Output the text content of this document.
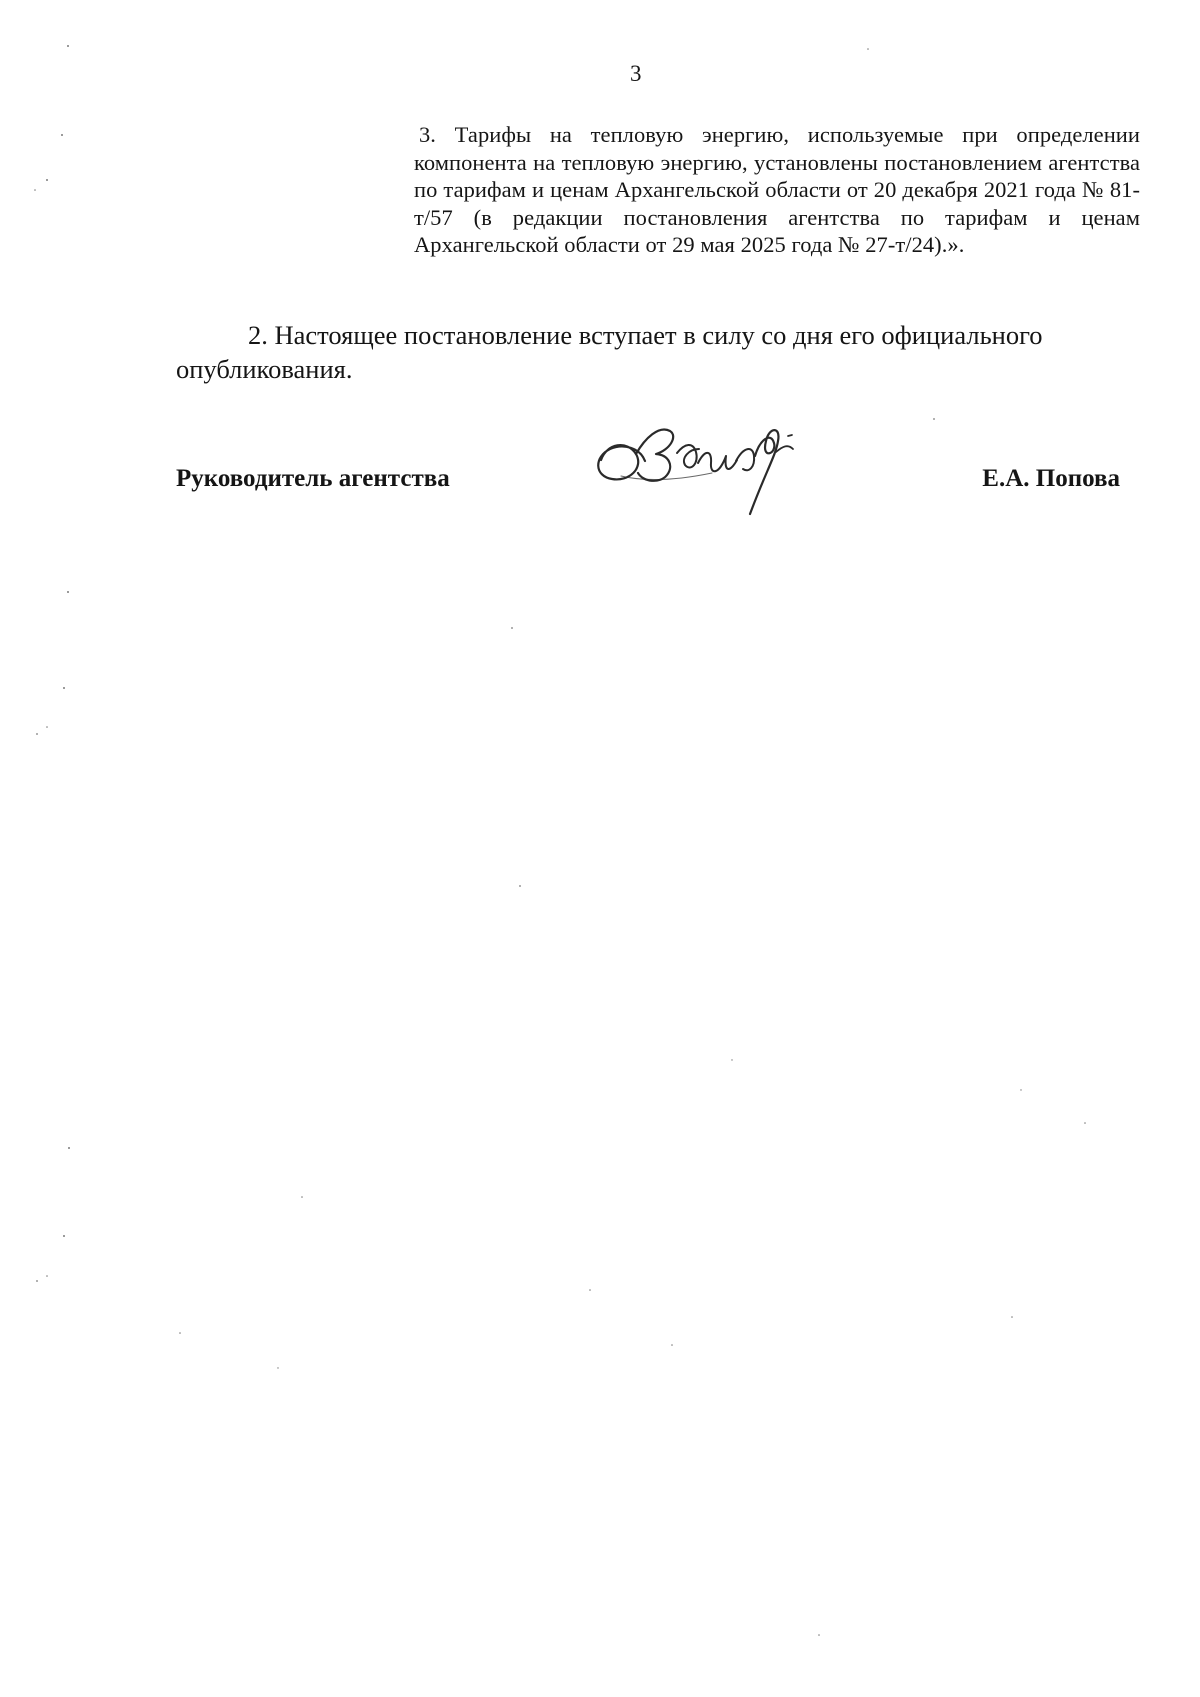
3
3. Тарифы на тепловую энергию, используемые при определении компонента на тепловую энергию, установлены постановлением агентства по тарифам и ценам Архангельской области от 20 декабря 2021 года № 81-т/57 (в редакции постановления агентства по тарифам и ценам Архангельской области от 29 мая 2025 года № 27-т/24).».
2. Настоящее постановление вступает в силу со дня его официального опубликования.
Руководитель агентства	Е.А. Попова
